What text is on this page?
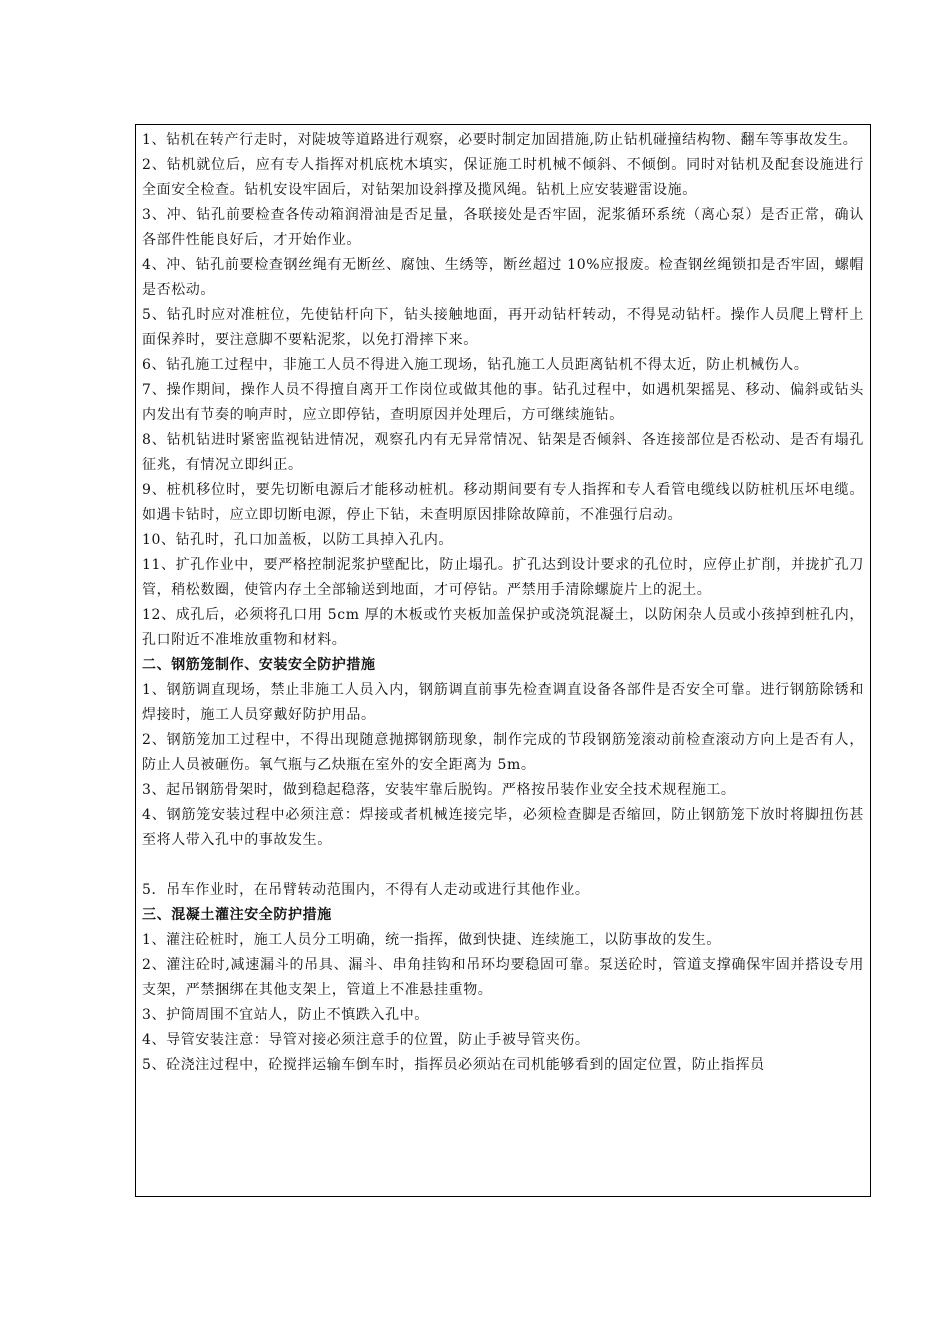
1、钻机在转产行走时，对陡坡等道路进行观察，必要时制定加固措施,防止钻机碰撞结构物、翻车等事故发生。

2、钻机就位后，应有专人指挥对机底枕木填实，保证施工时机械不倾斜、不倾倒。同时对钻机及配套设施进行全面安全检查。钻机安设牢固后，对钻架加设斜撑及揽风绳。钻机上应安装避雷设施。

3、冲、钻孔前要检查各传动箱润滑油是否足量，各联接处是否牢固，泥浆循环系统（离心泵）是否正常，确认各部件性能良好后，才开始作业。

4、冲、钻孔前要检查钢丝绳有无断丝、腐蚀、生绣等，断丝超过 10%应报废。检查钢丝绳锁扣是否牢固，螺帽是否松动。

5、钻孔时应对准桩位，先使钻杆向下，钻头接触地面，再开动钻杆转动，不得晃动钻杆。操作人员爬上臂杆上面保养时，要注意脚不要粘泥浆，以免打滑摔下来。

6、钻孔施工过程中，非施工人员不得进入施工现场，钻孔施工人员距离钻机不得太近，防止机械伤人。

7、操作期间，操作人员不得擅自离开工作岗位或做其他的事。钻孔过程中，如遇机架摇晃、移动、偏斜或钻头内发出有节奏的响声时，应立即停钻，查明原因并处理后，方可继续施钻。

8、钻机钻进时紧密监视钻进情况，观察孔内有无异常情况、钻架是否倾斜、各连接部位是否松动、是否有塌孔征兆，有情况立即纠正。

9、桩机移位时，要先切断电源后才能移动桩机。移动期间要有专人指挥和专人看管电缆线以防桩机压坏电缆。如遇卡钻时，应立即切断电源，停止下钻，未查明原因排除故障前，不准强行启动。

10、钻孔时，孔口加盖板，以防工具掉入孔内。

11、扩孔作业中，要严格控制泥浆护壁配比，防止塌孔。扩孔达到设计要求的孔位时，应停止扩削，并拢扩孔刀管，稍松数圈，使管内存土全部输送到地面，才可停钻。严禁用手清除螺旋片上的泥土。

12、成孔后，必须将孔口用 5cm 厚的木板或竹夹板加盖保护或浇筑混凝土，以防闲杂人员或小孩掉到桩孔内，孔口附近不准堆放重物和材料。

二、钢筋笼制作、安装安全防护措施

1、钢筋调直现场，禁止非施工人员入内，钢筋调直前事先检查调直设备各部件是否安全可靠。进行钢筋除锈和焊接时，施工人员穿戴好防护用品。

2、钢筋笼加工过程中，不得出现随意抛掷钢筋现象，制作完成的节段钢筋笼滚动前检查滚动方向上是否有人，防止人员被砸伤。氧气瓶与乙炔瓶在室外的安全距离为 5m。

3、起吊钢筋骨架时，做到稳起稳落，安装牢靠后脱钩。严格按吊装作业安全技术规程施工。

4、钢筋笼安装过程中必须注意：焊接或者机械连接完毕，必须检查脚是否缩回，防止钢筋笼下放时将脚扭伤甚至将人带入孔中的事故发生。

5．吊车作业时，在吊臂转动范围内，不得有人走动或进行其他作业。

三、混凝土灌注安全防护措施

1、灌注砼桩时，施工人员分工明确，统一指挥，做到快捷、连续施工，以防事故的发生。

2、灌注砼时,减速漏斗的吊具、漏斗、串角挂钩和吊环均要稳固可靠。泵送砼时，管道支撑确保牢固并搭设专用支架，严禁捆绑在其他支架上，管道上不准悬挂重物。

3、护筒周围不宜站人，防止不慎跌入孔中。

4、导管安装注意：导管对接必须注意手的位置，防止手被导管夹伤。

5、砼浇注过程中，砼搅拌运输车倒车时，指挥员必须站在司机能够看到的固定位置，防止指挥员
